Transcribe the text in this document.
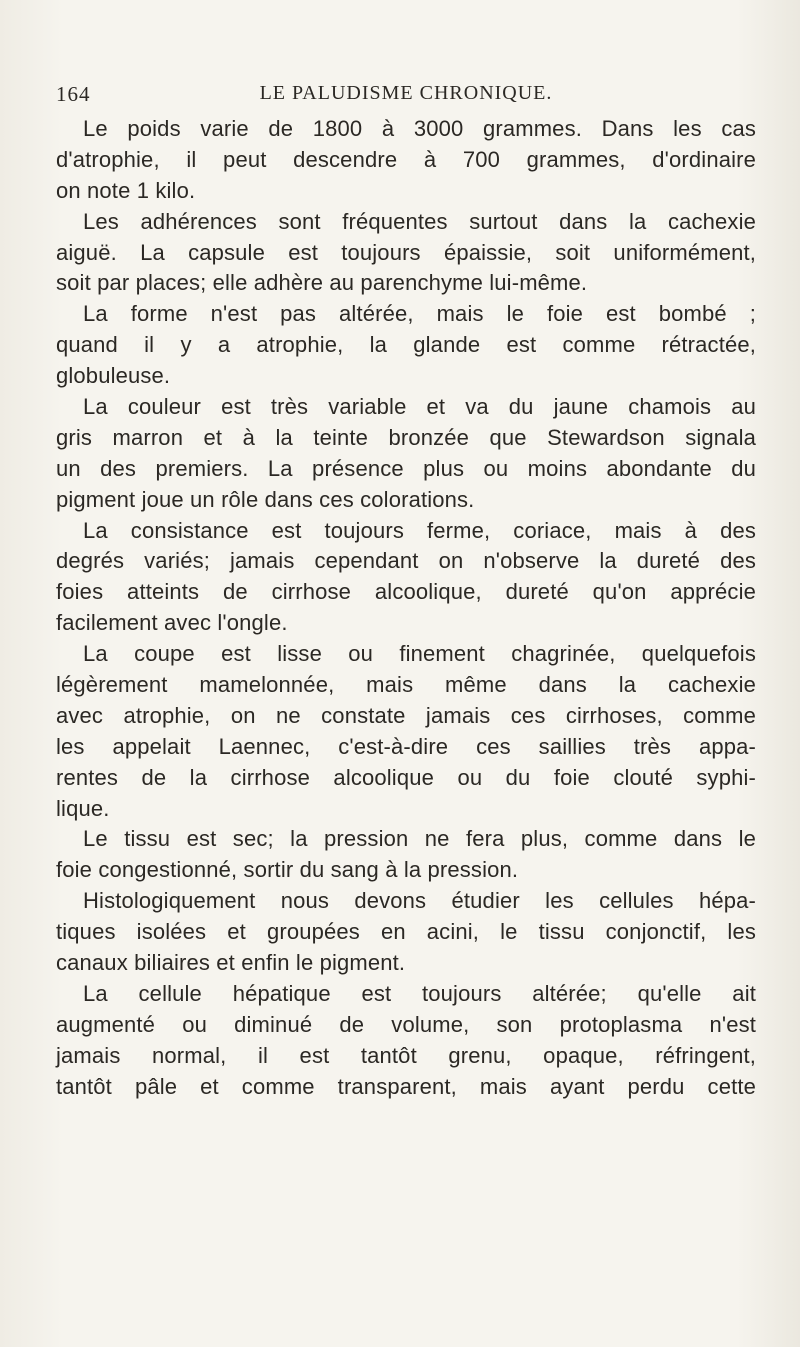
164	LE PALUDISME CHRONIQUE.
Le poids varie de 1800 à 3000 grammes. Dans les cas
d'atrophie, il peut descendre à 700 grammes, d'ordinaire
on note 1 kilo.
Les adhérences sont fréquentes surtout dans la cachexie
aiguë. La capsule est toujours épaissie, soit uniformément,
soit par places; elle adhère au parenchyme lui-même.
La forme n'est pas altérée, mais le foie est bombé ;
quand il y a atrophie, la glande est comme rétractée,
globuleuse.
La couleur est très variable et va du jaune chamois au
gris marron et à la teinte bronzée que Stewardson signala
un des premiers. La présence plus ou moins abondante du
pigment joue un rôle dans ces colorations.
La consistance est toujours ferme, coriace, mais à des
degrés variés; jamais cependant on n'observe la dureté des
foies atteints de cirrhose alcoolique, dureté qu'on apprécie
facilement avec l'ongle.
La coupe est lisse ou finement chagrinée, quelquefois
légèrement mamelonnée, mais même dans la cachexie
avec atrophie, on ne constate jamais ces cirrhoses, comme
les appelait Laennec, c'est-à-dire ces saillies très appa-
rentes de la cirrhose alcoolique ou du foie clouté syphi-
lique.
Le tissu est sec; la pression ne fera plus, comme dans le
foie congestionné, sortir du sang à la pression.
Histologiquement nous devons étudier les cellules hépa-
tiques isolées et groupées en acini, le tissu conjonctif, les
canaux biliaires et enfin le pigment.
La cellule hépatique est toujours altérée; qu'elle ait
augmenté ou diminué de volume, son protoplasma n'est
jamais normal, il est tantôt grenu, opaque, réfringent,
tantôt pâle et comme transparent, mais ayant perdu cette
